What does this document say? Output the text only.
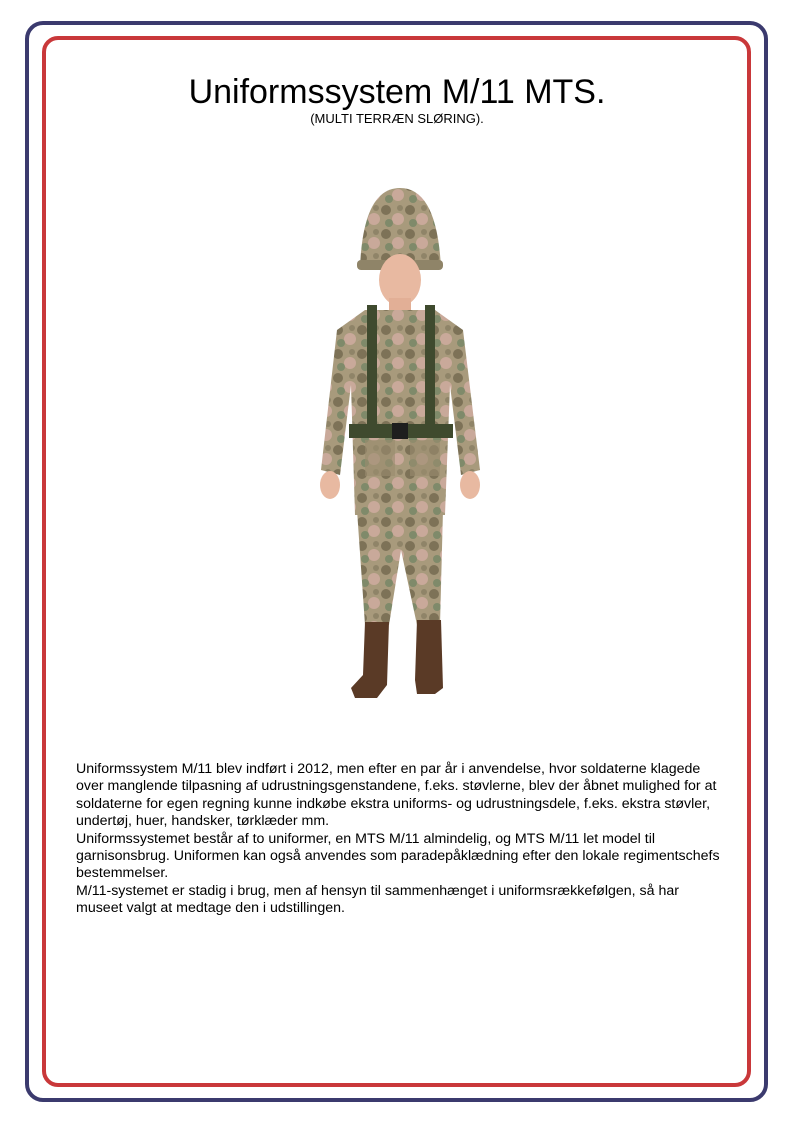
Uniformssystem M/11 MTS.
(MULTI TERRÆN SLØRING).

Uniformssystem M/11 blev indført i 2012, men efter en par år i anvendelse, hvor soldaterne klagede over manglende tilpasning af udrustningsgenstandene, f.eks. støvlerne, blev der åbnet mulighed for at soldaterne for egen regning kunne indkøbe ekstra uniforms- og udrustningsdele, f.eks. ekstra støvler, undertøj, huer, handsker, tørklæder mm.

Uniformssystemet består af to uniformer, en MTS M/11 almindelig, og MTS M/11 let model til garnisonsbrug. Uniformen kan også anvendes som paradepåklædning efter den lokale regimentschefs bestemmelser.

M/11-systemet er stadig i brug, men af hensyn til sammenhænget i uniformsrækkefølgen, så har museet valgt at medtage den i udstillingen.
